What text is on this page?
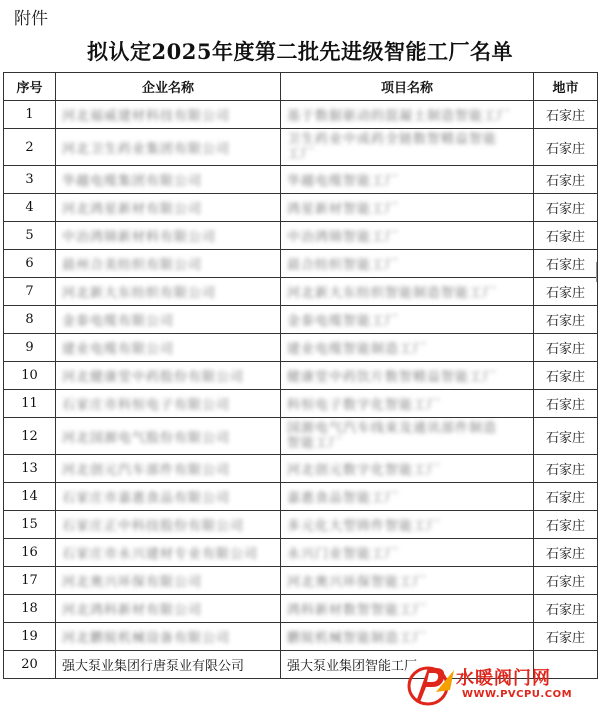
附件
拟认定2025年度第二批先进级智能工厂名单
序号	企业名称	项目名称	地市
1	河北福威建材科技有限公司	基于数据驱动的混凝土制造智能工厂	石家庄
2	河北卫生药业集团有限公司	卫生药业中成药全链数智精益智能工厂	石家庄
3	华越电缆集团有限公司	华越电缆智能工厂	石家庄
4	河北鸿星新材有限公司	鸿星新材智能工厂	石家庄
5	中冶鸿锦新材料有限公司	中冶鸿锦智能工厂	石家庄
6	晨州合美纺织有限公司	晨合纺织智能工厂	石家庄
7	河北新大东纺织有限公司	河北新大东纺织智能制造智能工厂	石家庄
8	金泰电缆有限公司	金泰电缆智能工厂	石家庄
9	建业电缆有限公司	建业电缆智能制造工厂	石家庄
10	河北健康堂中药股份有限公司	健康堂中药饮片数智精益智能工厂	石家庄
11	石家庄市科恒电子有限公司	科恒电子数字化智能工厂	石家庄
12	河北国源电气股份有限公司	国源电气汽车线束及通讯部件制造智能工厂	石家庄
13	河北创元汽车部件有限公司	河北创元数字化智能工厂	石家庄
14	石家庄市嘉惠食品有限公司	嘉惠食品智能工厂	石家庄
15	石家庄正中科技股份有限公司	多元化大型铸件智能工厂	石家庄
16	石家庄市永兴建材专业有限公司	永兴门业智能工厂	石家庄
17	河北奥兴环保有限公司	河北奥兴环保智能工厂	石家庄
18	河北鸿科新材有限公司	鸿科新材数智智能工厂	石家庄
19	河北鹏锐机械设备有限公司	鹏锐机械智能制造工厂	石家庄
20	强大泵业集团行唐泵业有限公司	强大泵业集团智能工厂	
水暖阀门网
WWW.PVCPU.COM
